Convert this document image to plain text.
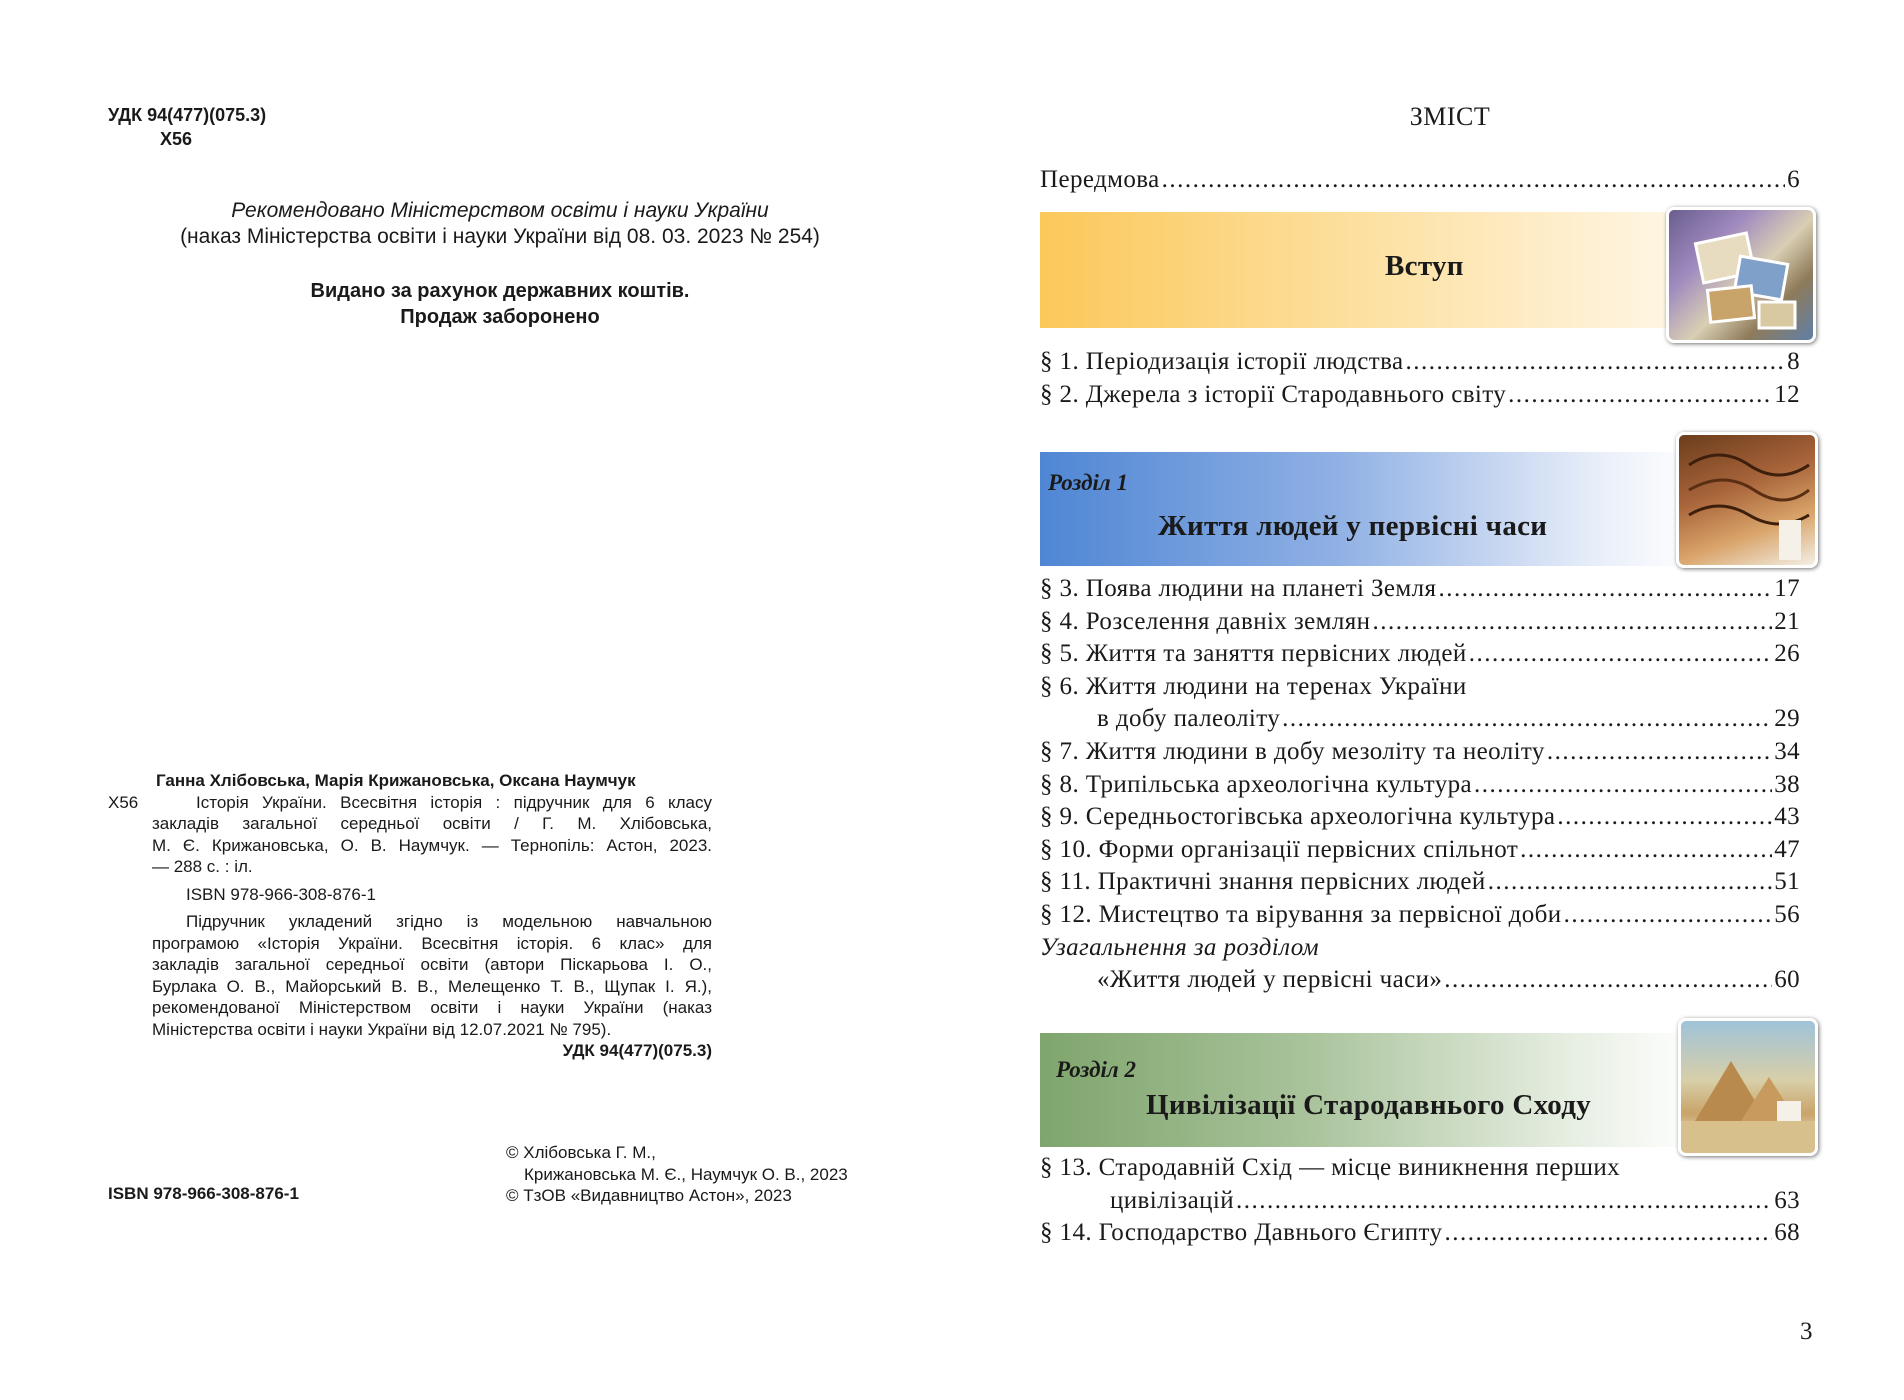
УДК 94(477)(075.3)
Х56
Рекомендовано Міністерством освіти і науки України
(наказ Міністерства освіти і науки України від 08. 03. 2023 № 254)
Видано за рахунок державних коштів.
Продаж заборонено
Ганна Хлібовська, Марія Крижановська, Оксана Наумчук
Х56	Історія України. Всесвітня історія : підручник для 6 класу
закладів загальної середньої освіти / Г. М. Хлібовська,
М. Є. Крижановська, О. В. Наумчук. — Тернопіль: Астон, 2023.
— 288 с. : іл.
ISBN 978-966-308-876-1
Підручник укладений згідно із модельною навчальною
програмою «Історія України. Всесвітня історія. 6 клас» для
закладів загальної середньої освіти (автори Піскарьова І. О.,
Бурлака О. В., Майорський В. В., Мелещенко Т. В., Щупак І. Я.),
рекомендованої Міністерством освіти і науки України (наказ
Міністерства освіти і науки України від 12.07.2021 № 795).
УДК 94(477)(075.3)
© Хлібовська Г. М.,
Крижановська М. Є., Наумчук О. В., 2023
© ТзОВ «Видавництво Астон», 2023
ISBN 978-966-308-876-1
ЗМІСТ
Передмова .....	6
Вступ
§ 1. Періодизація історії людства .....	8
§ 2. Джерела з історії Стародавнього світу .....	12
Розділ 1
Життя людей у первісні часи
§ 3. Поява людини на планеті Земля .....	17
§ 4. Розселення давніх землян .....	21
§ 5. Життя та заняття первісних людей .....	26
§ 6. Життя людини на теренах України
в добу палеоліту .....	29
§ 7. Життя людини в добу мезоліту та неоліту .....	34
§ 8. Трипільська археологічна культура .....	38
§ 9. Середньостогівська археологічна культура .....	43
§ 10. Форми організації первісних спільнот .....	47
§ 11. Практичні знання первісних людей .....	51
§ 12. Мистецтво та вірування за первісної доби .....	56
Узагальнення за розділом
«Життя людей у первісні часи» .....	60
Розділ 2
Цивілізації Стародавнього Сходу
§ 13. Стародавній Схід — місце виникнення перших
цивілізацій .....	63
§ 14. Господарство Давнього Єгипту .....	68
3
